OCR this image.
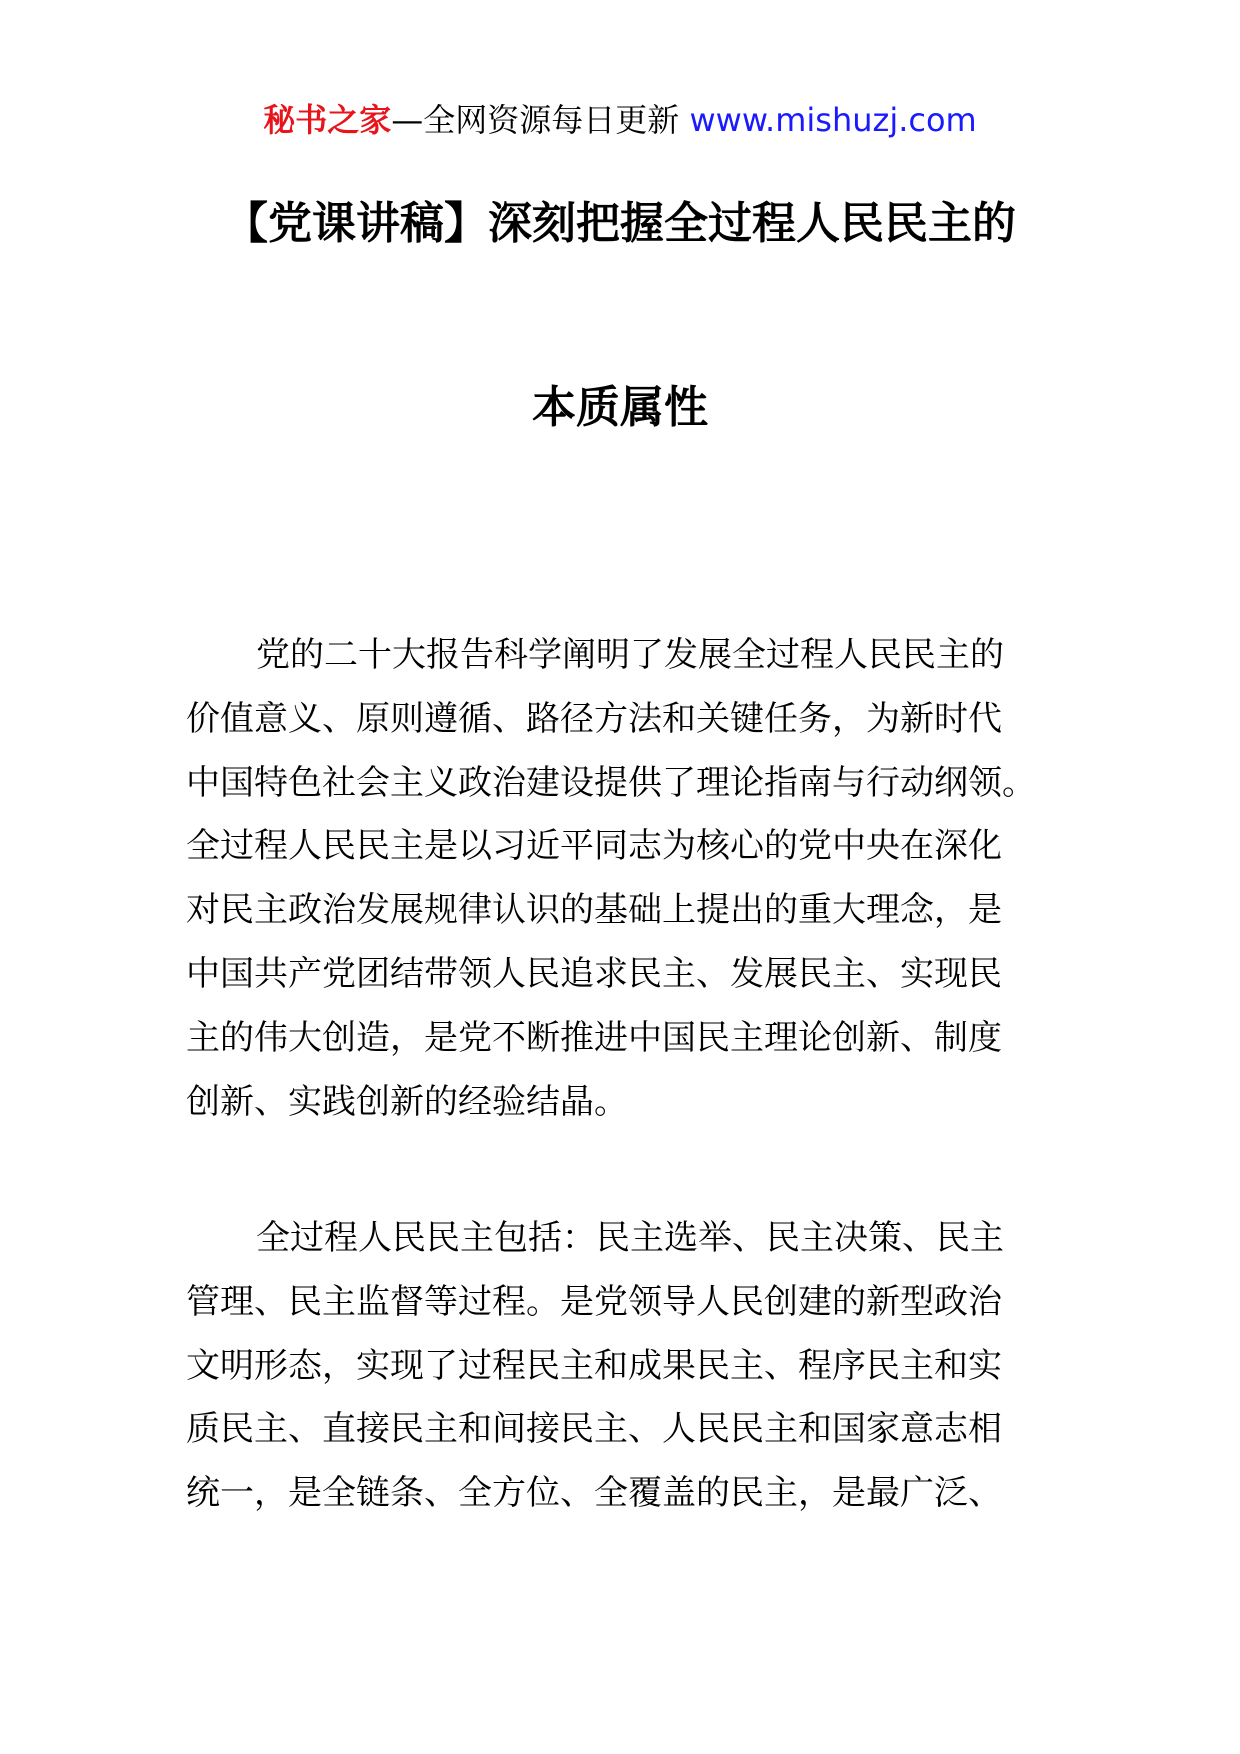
秘书之家—全网资源每日更新 www.mishuzj.com
【党课讲稿】深刻把握全过程人民民主的
本质属性
党的二十大报告科学阐明了发展全过程人民民主的
价值意义、原则遵循、路径方法和关键任务，为新时代
中国特色社会主义政治建设提供了理论指南与行动纲领。
全过程人民民主是以习近平同志为核心的党中央在深化
对民主政治发展规律认识的基础上提出的重大理念，是
中国共产党团结带领人民追求民主、发展民主、实现民
主的伟大创造，是党不断推进中国民主理论创新、制度
创新、实践创新的经验结晶。
全过程人民民主包括：民主选举、民主决策、民主
管理、民主监督等过程。是党领导人民创建的新型政治
文明形态，实现了过程民主和成果民主、程序民主和实
质民主、直接民主和间接民主、人民民主和国家意志相
统一，是全链条、全方位、全覆盖的民主，是最广泛、
